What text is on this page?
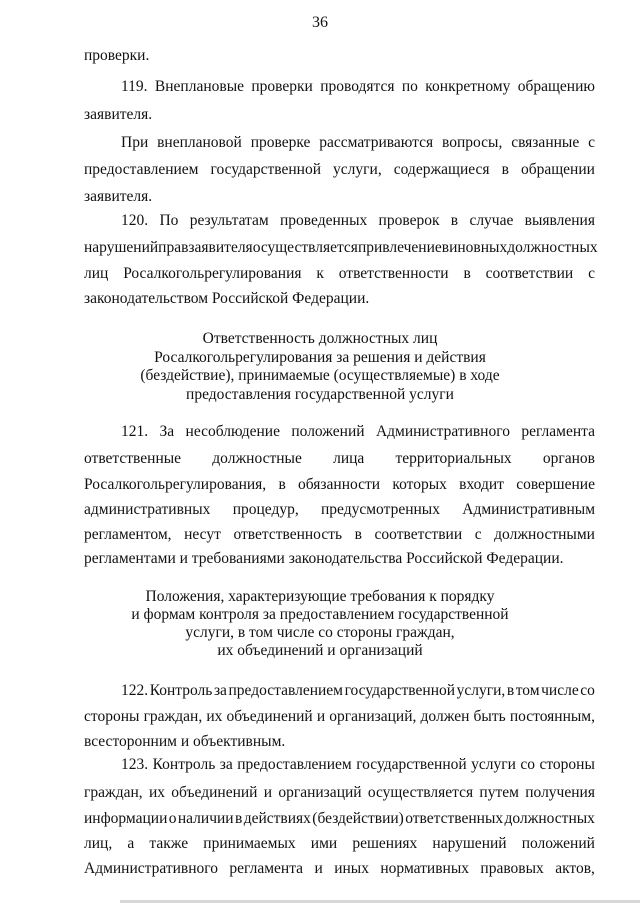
36
проверки.
119. Внеплановые проверки проводятся по конкретному обращению
заявителя.
При внеплановой проверке рассматриваются вопросы, связанные с
предоставлением государственной услуги, содержащиеся в обращении
заявителя.
120. По результатам проведенных проверок в случае выявления
нарушений прав заявителя осуществляется привлечение виновных должностных
лиц Росалкогольрегулирования к ответственности в соответствии с
законодательством Российской Федерации.
Ответственность должностных лиц
Росалкогольрегулирования за решения и действия
(бездействие), принимаемые (осуществляемые) в ходе
предоставления государственной услуги
121. За несоблюдение положений Административного регламента
ответственные должностные лица территориальных органов
Росалкогольрегулирования, в обязанности которых входит совершение
административных процедур, предусмотренных Административным
регламентом, несут ответственность в соответствии с должностными
регламентами и требованиями законодательства Российской Федерации.
Положения, характеризующие требования к порядку
и формам контроля за предоставлением государственной
услуги, в том числе со стороны граждан,
их объединений и организаций
122. Контроль за предоставлением государственной услуги, в том числе со
стороны граждан, их объединений и организаций, должен быть постоянным,
всесторонним и объективным.
123. Контроль за предоставлением государственной услуги со стороны
граждан, их объединений и организаций осуществляется путем получения
информации о наличии в действиях (бездействии) ответственных должностных
лиц, а также принимаемых ими решениях нарушений положений
Административного регламента и иных нормативных правовых актов,
